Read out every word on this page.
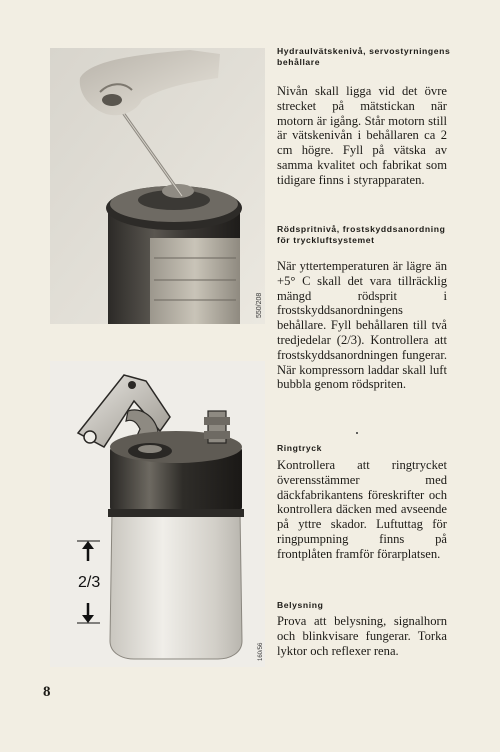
550/208
2/3
160/56
Hydraulvätskenivå, servostyrningens behållare

Nivån skall ligga vid det övre strecket på mätstickan när motorn är igång. Står motorn still är vätskenivån i behållaren ca 2 cm högre. Fyll på vätska av samma kvalitet och fabrikat som tidigare finns i styrapparaten.

Rödspritnivå, frostskyddsanordning för tryckluftsystemet

När yttertemperaturen är lägre än +5° C skall det vara tillräcklig mängd rödsprit i frostskyddsanordningens behållare. Fyll behållaren till två tredjedelar (2/3). Kontrollera att frostskyddsanordningen fungerar. När kompressorn laddar skall luft bubbla genom rödspriten.

Ringtryck

Kontrollera att ringtrycket överensstämmer med däckfabrikantens föreskrifter och kontrollera däcken med avseende på yttre skador. Luftuttag för ringpumpning finns på frontplåten framför förarplatsen.

Belysning

Prova att belysning, signalhorn och blinkvisare fungerar. Torka lyktor och reflexer rena.

8
